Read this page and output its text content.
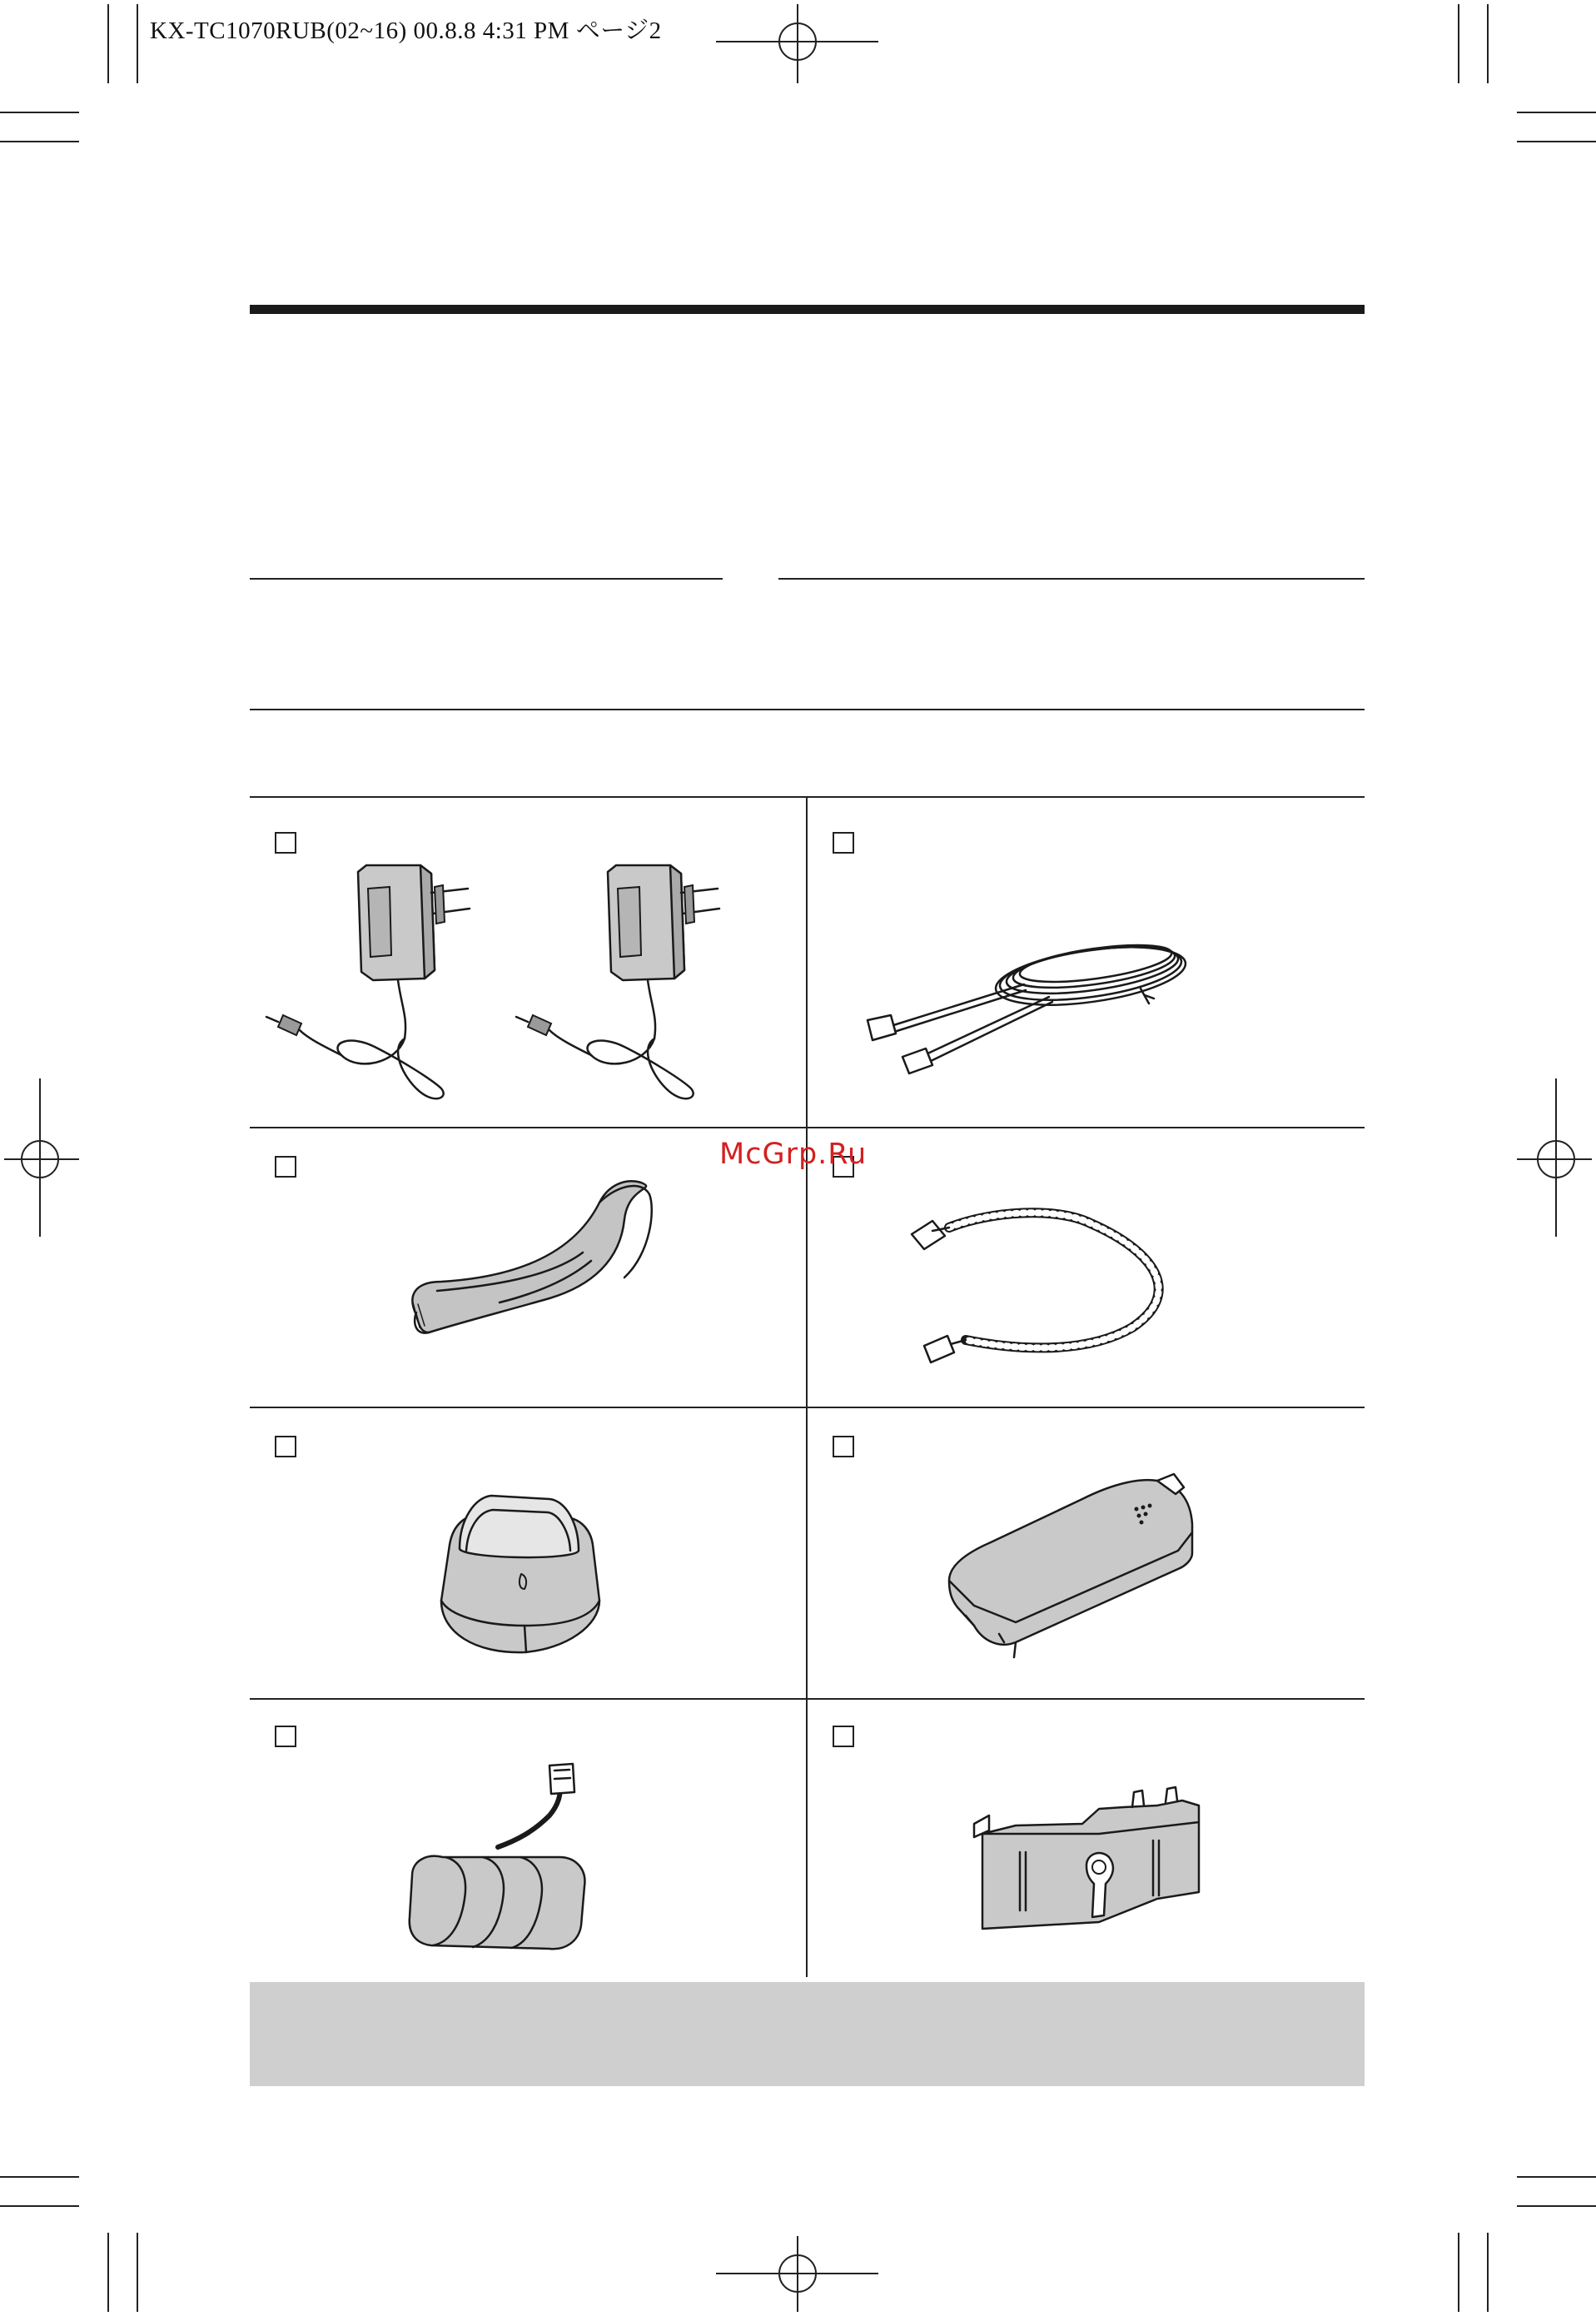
KX-TC1070RUB(02~16) 00.8.8 4:31 PM ページ2
McGrp.Ru
